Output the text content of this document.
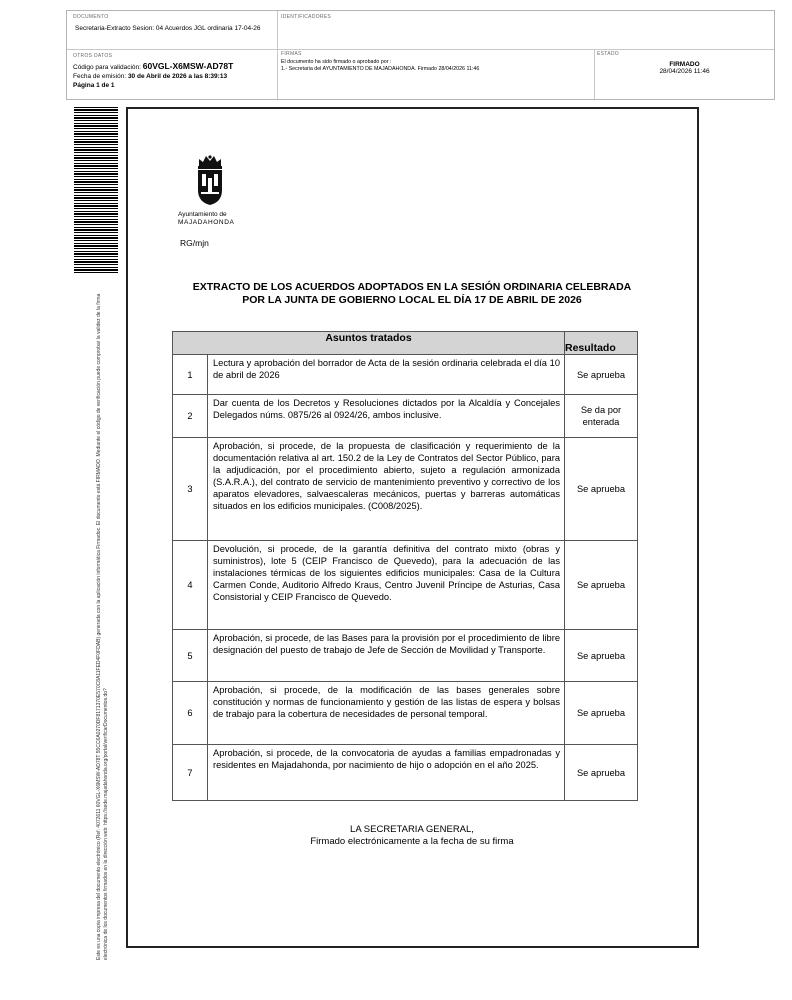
DOCUMENTO
Secretaria-Extracto Sesion: 04 Acuerdos JGL ordinaria 17-04-26
IDENTIFICADORES
OTROS DATOS
Código para validación: 60VGL-X6MSW-AD78T
Fecha de emisión: 30 de Abril de 2026 a las 8:39:13
Página 1 de 1
FIRMAS
El documento ha sido firmado o aprobado por :
1.- Secretaria del AYUNTAMIENTO DE MAJADAHONDA. Firmado 28/04/2026 11:46
ESTADO
FIRMADO
28/04/2026 11:46
Este es una copia impresa del documento electrónico (Ref: 4072611 60VGL-X6MSW-AD78T 55CC6A0270DF8171370E570C8A11FED4F0FDAB) generada con la aplicación informática Firmadoc. El documento está FIRMADO. Mediante el código de verificación puede comprobar la validez de la firma electrónica de los documentos firmados en la dirección web: https://sede.majadahonda.org/portal/verificarDocumentos.do?
Ayuntamiento de
MAJADAHONDA
RG/mjn
EXTRACTO DE LOS ACUERDOS ADOPTADOS EN LA SESIÓN ORDINARIA CELEBRADA
POR LA JUNTA DE GOBIERNO LOCAL EL DÍA 17 DE ABRIL DE 2026
Asuntos tratados		Resultado
1	Lectura y aprobación del borrador de Acta de la sesión ordinaria celebrada el día 10 de abril de 2026	Se aprueba
2	Dar cuenta de los Decretos y Resoluciones dictados por la Alcaldía y Concejales Delegados núms. 0875/26 al 0924/26, ambos inclusive.	Se da por enterada
3	Aprobación, si procede, de la propuesta de clasificación y requerimiento de la documentación relativa al art. 150.2 de la Ley de Contratos del Sector Público, para la adjudicación, por el procedimiento abierto, sujeto a regulación armonizada (S.A.R.A.), del contrato de servicio de mantenimiento preventivo y correctivo de los aparatos elevadores, salvaescaleras mecánicos, puertas y barreras automáticas situados en los edificios municipales. (C008/2025).	Se aprueba
4	Devolución, si procede, de la garantía definitiva del contrato mixto (obras y suministros), lote 5 (CEIP Francisco de Quevedo), para la adecuación de las instalaciones térmicas de los siguientes edificios municipales: Casa de la Cultura Carmen Conde, Auditorio Alfredo Kraus, Centro Juvenil Príncipe de Asturias, Casa Consistorial y CEIP Francisco de Quevedo.	Se aprueba
5	Aprobación, si procede, de las Bases para la provisión por el procedimiento de libre designación del puesto de trabajo de Jefe de Sección de Movilidad y Transporte.	Se aprueba
6	Aprobación, si procede, de la modificación de las bases generales sobre constitución y normas de funcionamiento y gestión de las listas de espera y bolsas de trabajo para la cobertura de necesidades de personal temporal.	Se aprueba
7	Aprobación, si procede, de la convocatoria de ayudas a familias empadronadas y residentes en Majadahonda, por nacimiento de hijo o adopción en el año 2025.	Se aprueba
LA SECRETARIA GENERAL,
Firmado electrónicamente a la fecha de su firma
